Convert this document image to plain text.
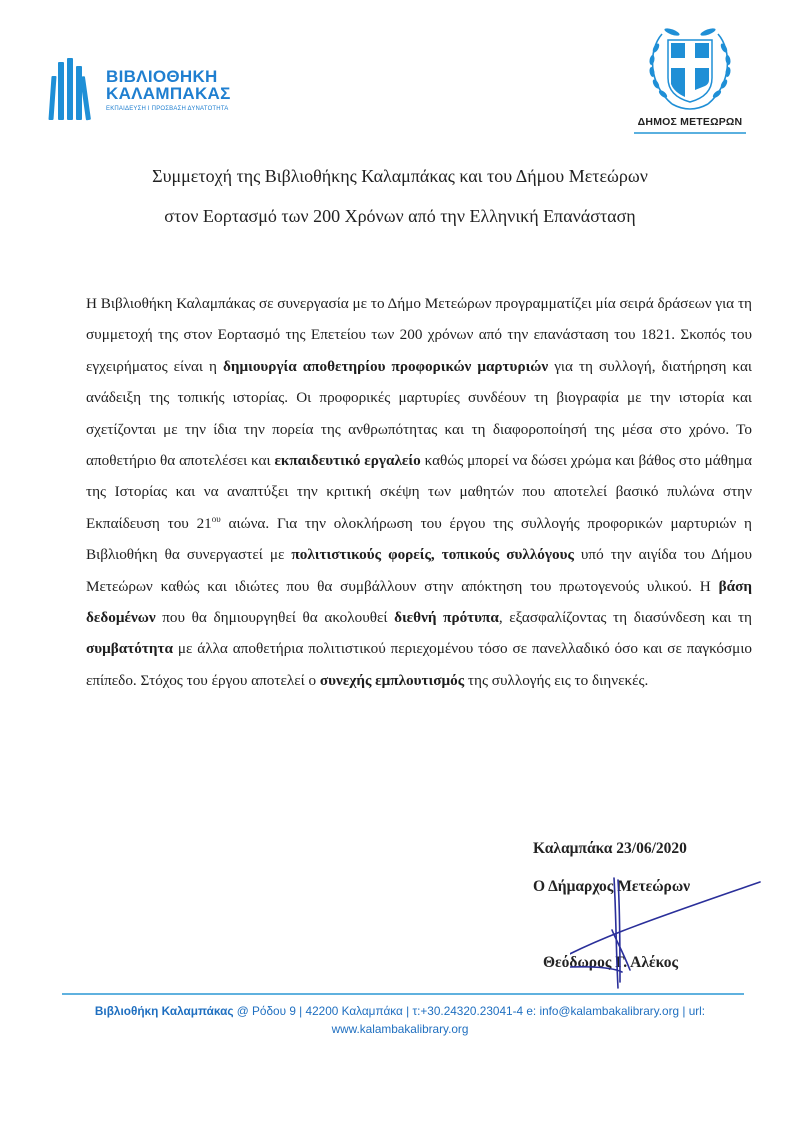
ΒΙΒΛΙΟΘΗΚΗ
ΚΑΛΑΜΠΑΚΑΣ
ΕΚΠΑΙΔΕΥΣΗ І ΠΡΟΣΒΑΣΗ ΔΥΝΑΤΟΤΗΤΑ
ΔΗΜΟΣ ΜΕΤΕΩΡΩΝ
Συμμετοχή της Βιβλιοθήκης Καλαμπάκας και του Δήμου Μετεώρων
στον Εορτασμό των 200 Χρόνων από την Ελληνική Επανάσταση
Η Βιβλιοθήκη Καλαμπάκας σε συνεργασία με το Δήμο Μετεώρων προγραμματίζει μία σειρά δράσεων για τη συμμετοχή της στον Εορτασμό της Επετείου των 200 χρόνων από την επανάσταση του 1821. Σκοπός του εγχειρήματος είναι η δημιουργία αποθετηρίου προφορικών μαρτυριών για τη συλλογή, διατήρηση και ανάδειξη της τοπικής ιστορίας. Οι προφορικές μαρτυρίες συνδέουν τη βιογραφία με την ιστορία και σχετίζονται με την ίδια την πορεία της ανθρωπότητας και τη διαφοροποίησή της μέσα στο χρόνο. Το αποθετήριο θα αποτελέσει και εκπαιδευτικό εργαλείο καθώς μπορεί να δώσει χρώμα και βάθος στο μάθημα της Ιστορίας και να αναπτύξει την κριτική σκέψη των μαθητών που αποτελεί βασικό πυλώνα στην Εκπαίδευση του $21^{o\upsilon}$ αιώνα. Για την ολοκλήρωση του έργου της συλλογής προφορικών μαρτυριών η Βιβλιοθήκη θα συνεργαστεί με πολιτιστικούς φορείς, τοπικούς συλλόγους υπό την αιγίδα του Δήμου Μετεώρων καθώς και ιδιώτες που θα συμβάλλουν στην απόκτηση του πρωτογενούς υλικού. Η βάση δεδομένων που θα δημιουργηθεί θα ακολουθεί διεθνή πρότυπα, εξασφαλίζοντας τη διασύνδεση και τη συμβατότητα με άλλα αποθετήρια πολιτιστικού περιεχομένου τόσο σε πανελλαδικό όσο και σε παγκόσμιο επίπεδο. Στόχος του έργου αποτελεί ο συνεχής εμπλουτισμός της συλλογής εις το διηνεκές.
Καλαμπάκα 23/06/2020
Ο Δήμαρχος Μετεώρων
Θεόδωρος Γ. Αλέκος
Βιβλιοθήκη Καλαμπάκας @ Ρόδου 9 | 42200 Καλαμπάκα | τ:+30.24320.23041-4 e: info@kalambakalibrary.org | url:
www.kalambakalibrary.org
